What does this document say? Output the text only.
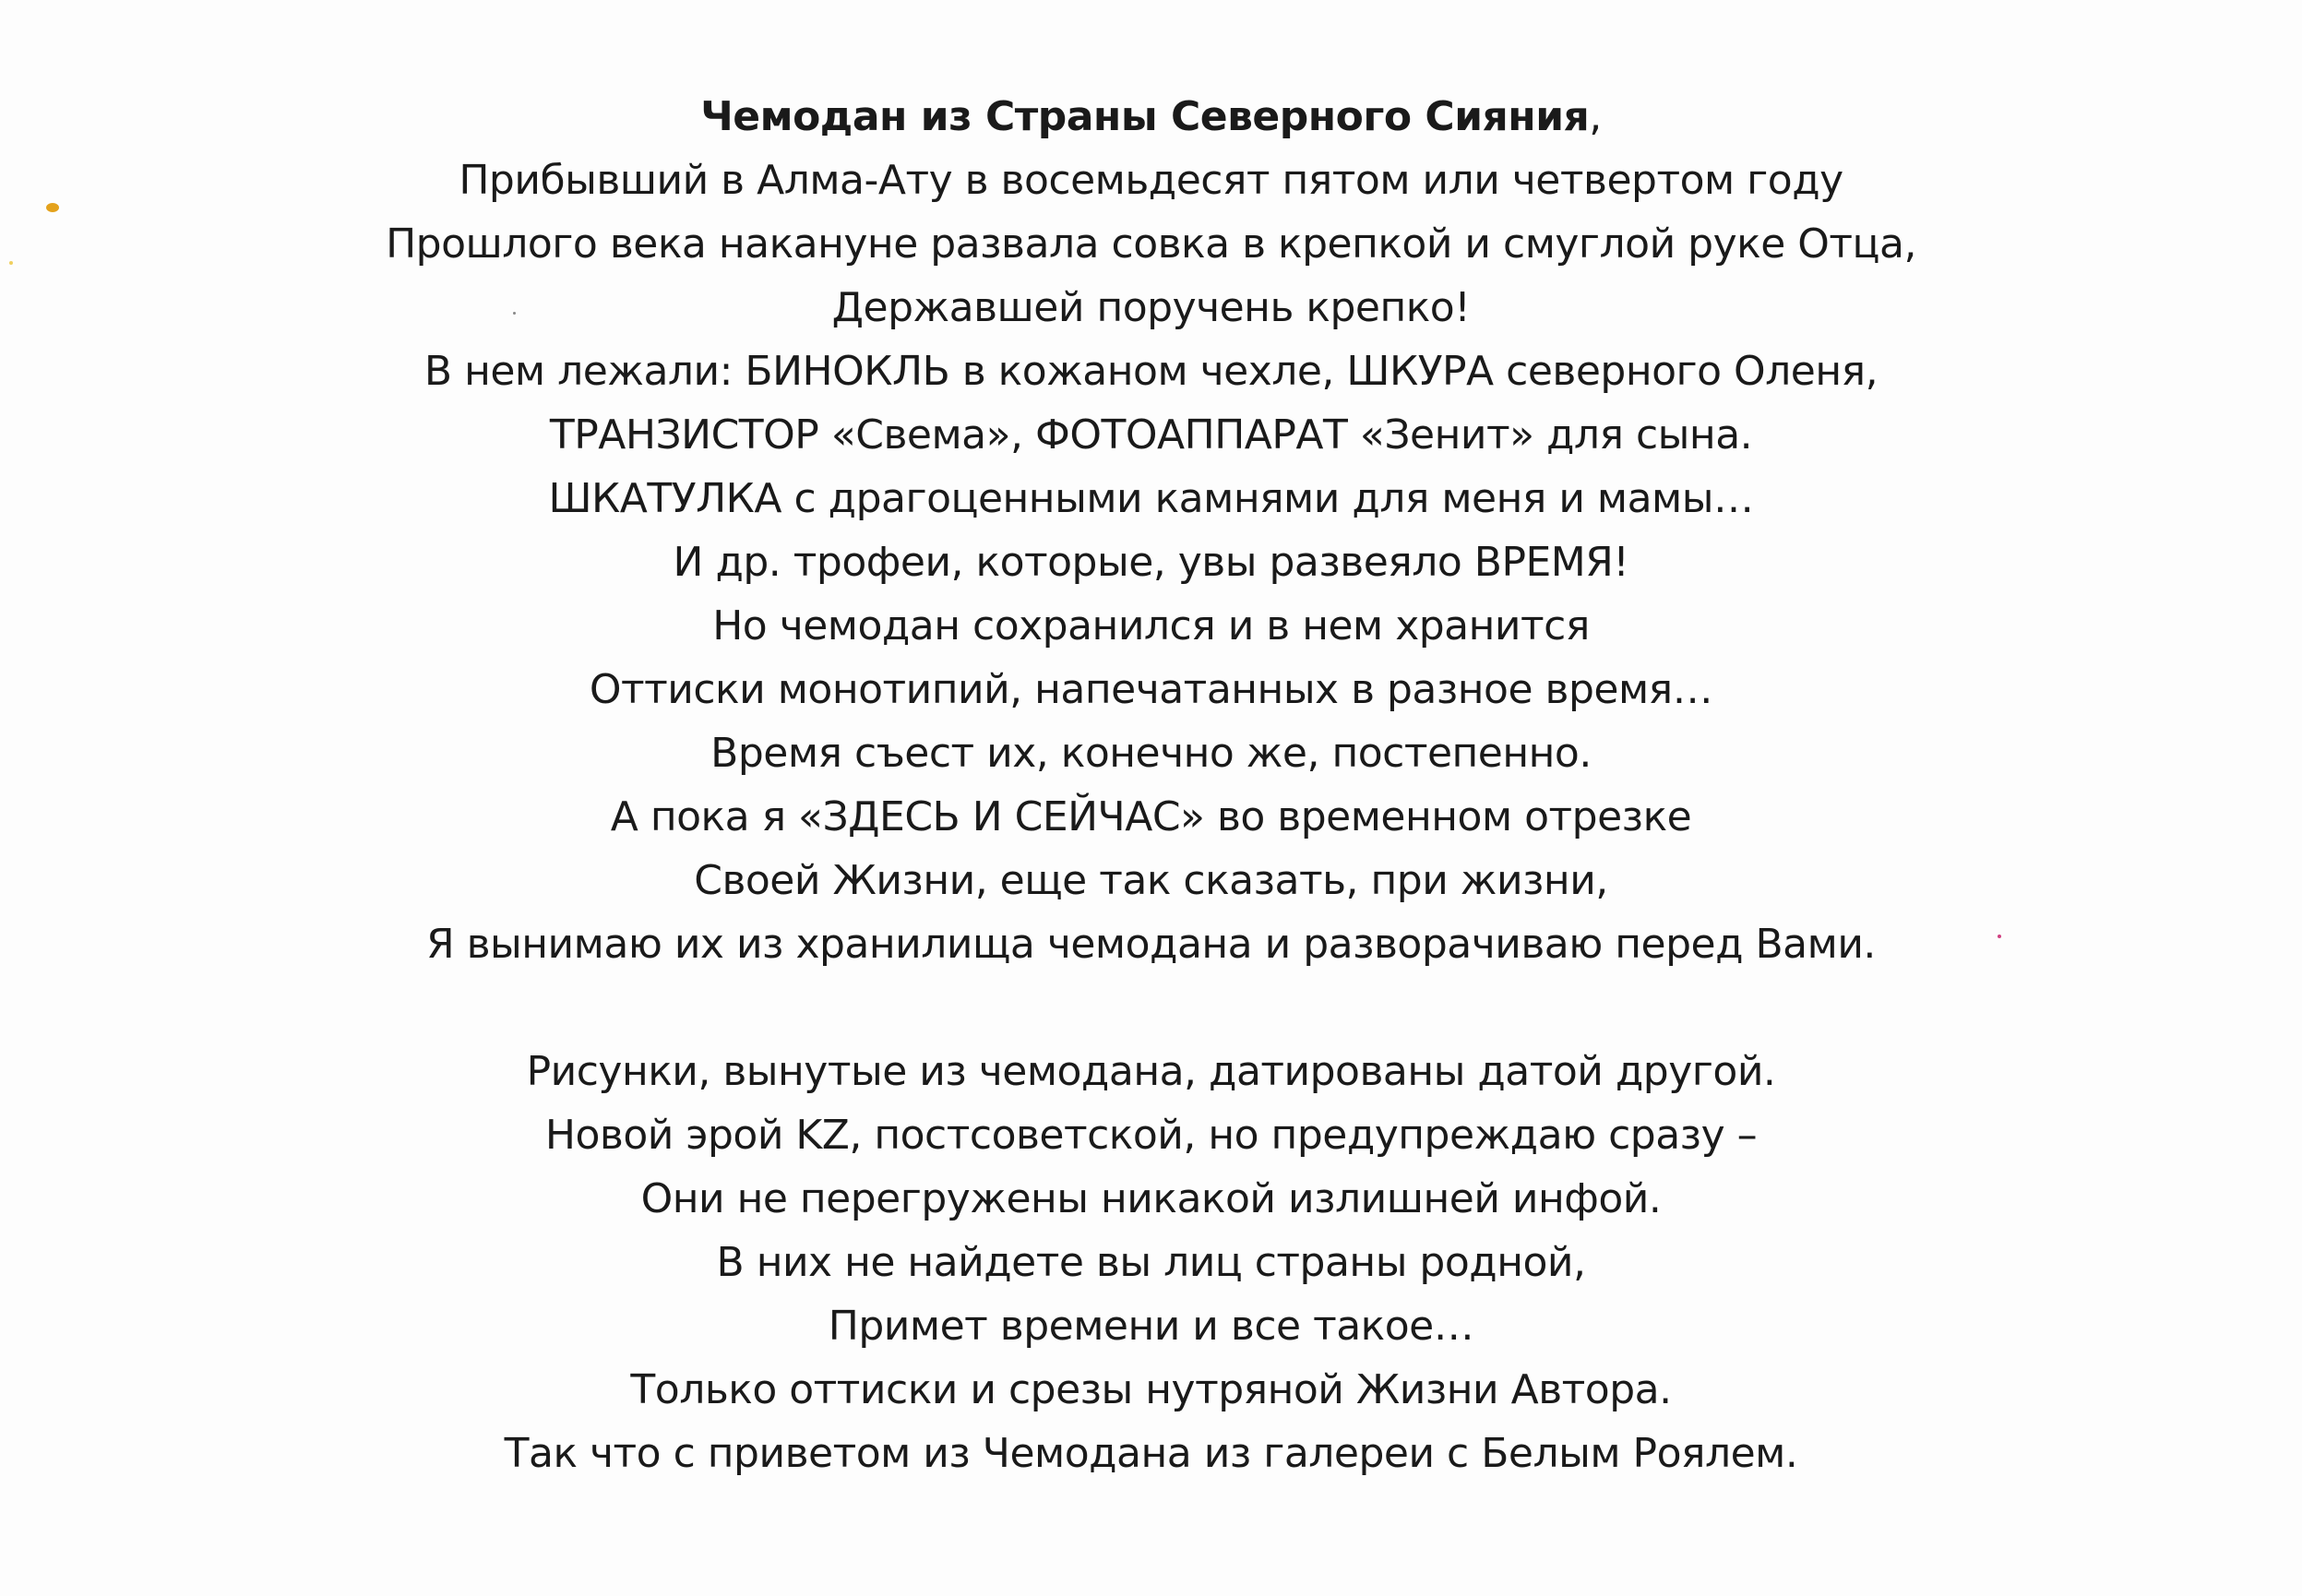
Чемодан из Страны Северного Сияния,
Прибывший в Алма-Ату в восемьдесят пятом или четвертом году
Прошлого века накануне развала совка в крепкой и смуглой руке Отца,
Державшей поручень крепко!
В нем лежали: БИНОКЛЬ в кожаном чехле, ШКУРА северного Оленя,
ТРАНЗИСТОР «Свема», ФОТОАППАРАТ «Зенит» для сына.
ШКАТУЛКА с драгоценными камнями для меня и мамы…
И др. трофеи, которые, увы развеяло ВРЕМЯ!
Но чемодан сохранился и в нем хранится
Оттиски монотипий, напечатанных в разное время…
Время съест их, конечно же, постепенно.
А пока я «ЗДЕСЬ И СЕЙЧАС» во временном отрезке
Своей Жизни, еще так сказать, при жизни,
Я вынимаю их из хранилища чемодана и разворачиваю перед Вами.
Рисунки, вынутые из чемодана, датированы датой другой.
Новой эрой KZ, постсоветской, но предупреждаю сразу –
Они не перегружены никакой излишней инфой.
В них не найдете вы лиц страны родной,
Примет времени и все такое…
Только оттиски и срезы нутряной Жизни Автора.
Так что с приветом из Чемодана из галереи с Белым Роялем.
